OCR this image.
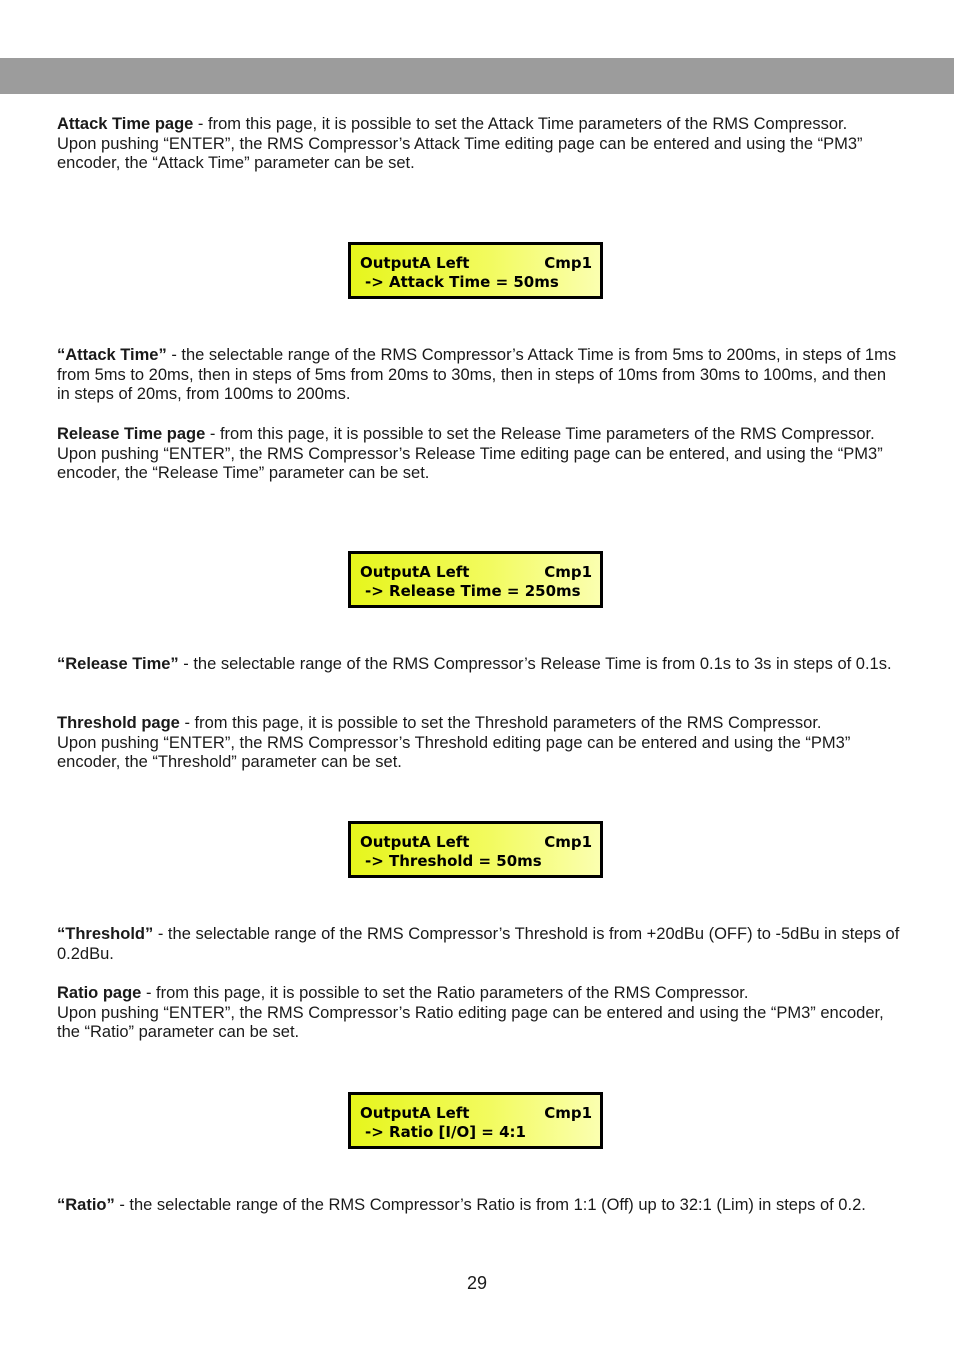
Attack Time page - from this page, it is possible to set the Attack Time parameters of the RMS Compressor.
Upon pushing “ENTER”, the RMS Compressor’s Attack Time editing page can be entered and using the “PM3” encoder, the “Attack Time” parameter can be set.
OutputA Left	Cmp1
-> Attack Time = 50ms
“Attack Time” - the selectable range of the RMS Compressor’s Attack Time is from 5ms to 200ms, in steps of 1ms from 5ms to 20ms, then in steps of 5ms from 20ms to 30ms, then in steps of 10ms from 30ms to 100ms, and then in steps of 20ms, from 100ms to 200ms.
Release Time page - from this page, it is possible to set the Release Time parameters of the RMS Compressor.
Upon pushing “ENTER”, the RMS Compressor’s Release Time editing page can be entered, and using the “PM3” encoder, the “Release Time” parameter can be set.
OutputA Left	Cmp1
-> Release Time = 250ms
“Release Time” - the selectable range of the RMS Compressor’s Release Time is from 0.1s to 3s in steps of 0.1s.
Threshold page - from this page, it is possible to set the Threshold parameters of the RMS Compressor.
Upon pushing “ENTER”, the RMS Compressor’s Threshold editing page can be entered and using the “PM3” encoder, the “Threshold” parameter can be set.
OutputA Left	Cmp1
-> Threshold = 50ms
“Threshold” - the selectable range of the RMS Compressor’s Threshold is from +20dBu (OFF) to -5dBu in steps of 0.2dBu.
Ratio page - from this page, it is possible to set the Ratio parameters of the RMS Compressor.
Upon pushing “ENTER”, the RMS Compressor’s Ratio editing page can be entered and using the “PM3” encoder, the “Ratio” parameter can be set.
OutputA Left	Cmp1
-> Ratio [I/O] = 4:1
“Ratio” - the selectable range of the RMS Compressor’s Ratio is from 1:1 (Off) up to 32:1 (Lim) in steps of 0.2.
29
